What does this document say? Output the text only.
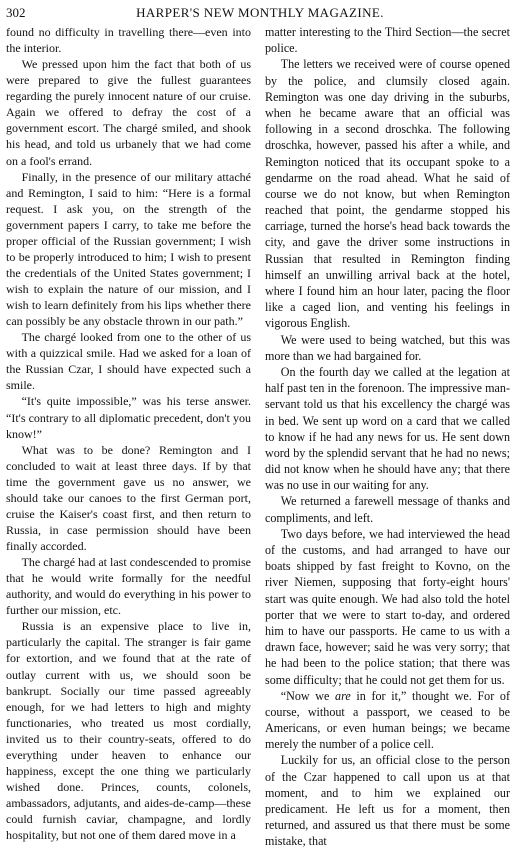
302	HARPER'S NEW MONTHLY MAGAZINE.

found no difficulty in travelling there—even into the interior.

We pressed upon him the fact that both of us were prepared to give the fullest guarantees regarding the purely innocent nature of our cruise. Again we offered to defray the cost of a government escort. The chargé smiled, and shook his head, and told us urbanely that we had come on a fool's errand.

Finally, in the presence of our military attaché and Remington, I said to him: “Here is a formal request. I ask you, on the strength of the government papers I carry, to take me before the proper official of the Russian government; I wish to be properly introduced to him; I wish to present the credentials of the United States government; I wish to explain the nature of our mission, and I wish to learn definitely from his lips whether there can possibly be any obstacle thrown in our path.”

The chargé looked from one to the other of us with a quizzical smile. Had we asked for a loan of the Russian Czar, I should have expected such a smile.

“It's quite impossible,” was his terse answer. “It's contrary to all diplomatic precedent, don't you know!”

What was to be done? Remington and I concluded to wait at least three days. If by that time the government gave us no answer, we should take our canoes to the first German port, cruise the Kaiser's coast first, and then return to Russia, in case permission should have been finally accorded.

The chargé had at last condescended to promise that he would write formally for the needful authority, and would do everything in his power to further our mission, etc.

Russia is an expensive place to live in, particularly the capital. The stranger is fair game for extortion, and we found that at the rate of outlay current with us, we should soon be bankrupt. Socially our time passed agreeably enough, for we had letters to high and mighty functionaries, who treated us most cordially, invited us to their country-seats, offered to do everything under heaven to enhance our happiness, except the one thing we particularly wished done. Princes, counts, colonels, ambassadors, adjutants, and aides-de-camp—these could furnish caviar, champagne, and lordly hospitality, but not one of them dared move in a

matter interesting to the Third Section—the secret police.

The letters we received were of course opened by the police, and clumsily closed again. Remington was one day driving in the suburbs, when he became aware that an official was following in a second droschka. The following droschka, however, passed his after a while, and Remington noticed that its occupant spoke to a gendarme on the road ahead. What he said of course we do not know, but when Remington reached that point, the gendarme stopped his carriage, turned the horse's head back towards the city, and gave the driver some instructions in Russian that resulted in Remington finding himself an unwilling arrival back at the hotel, where I found him an hour later, pacing the floor like a caged lion, and venting his feelings in vigorous English.

We were used to being watched, but this was more than we had bargained for.

On the fourth day we called at the legation at half past ten in the forenoon. The impressive man-servant told us that his excellency the chargé was in bed. We sent up word on a card that we called to know if he had any news for us. He sent down word by the splendid servant that he had no news; did not know when he should have any; that there was no use in our waiting for any.

We returned a farewell message of thanks and compliments, and left.

Two days before, we had interviewed the head of the customs, and had arranged to have our boats shipped by fast freight to Kovno, on the river Niemen, supposing that forty-eight hours' start was quite enough. We had also told the hotel porter that we were to start to-day, and ordered him to have our passports. He came to us with a drawn face, however; said he was very sorry; that he had been to the police station; that there was some difficulty; that he could not get them for us.

“Now we are in for it,” thought we. For of course, without a passport, we ceased to be Americans, or even human beings; we became merely the number of a police cell.

Luckily for us, an official close to the person of the Czar happened to call upon us at that moment, and to him we explained our predicament. He left us for a moment, then returned, and assured us that there must be some mistake, that
